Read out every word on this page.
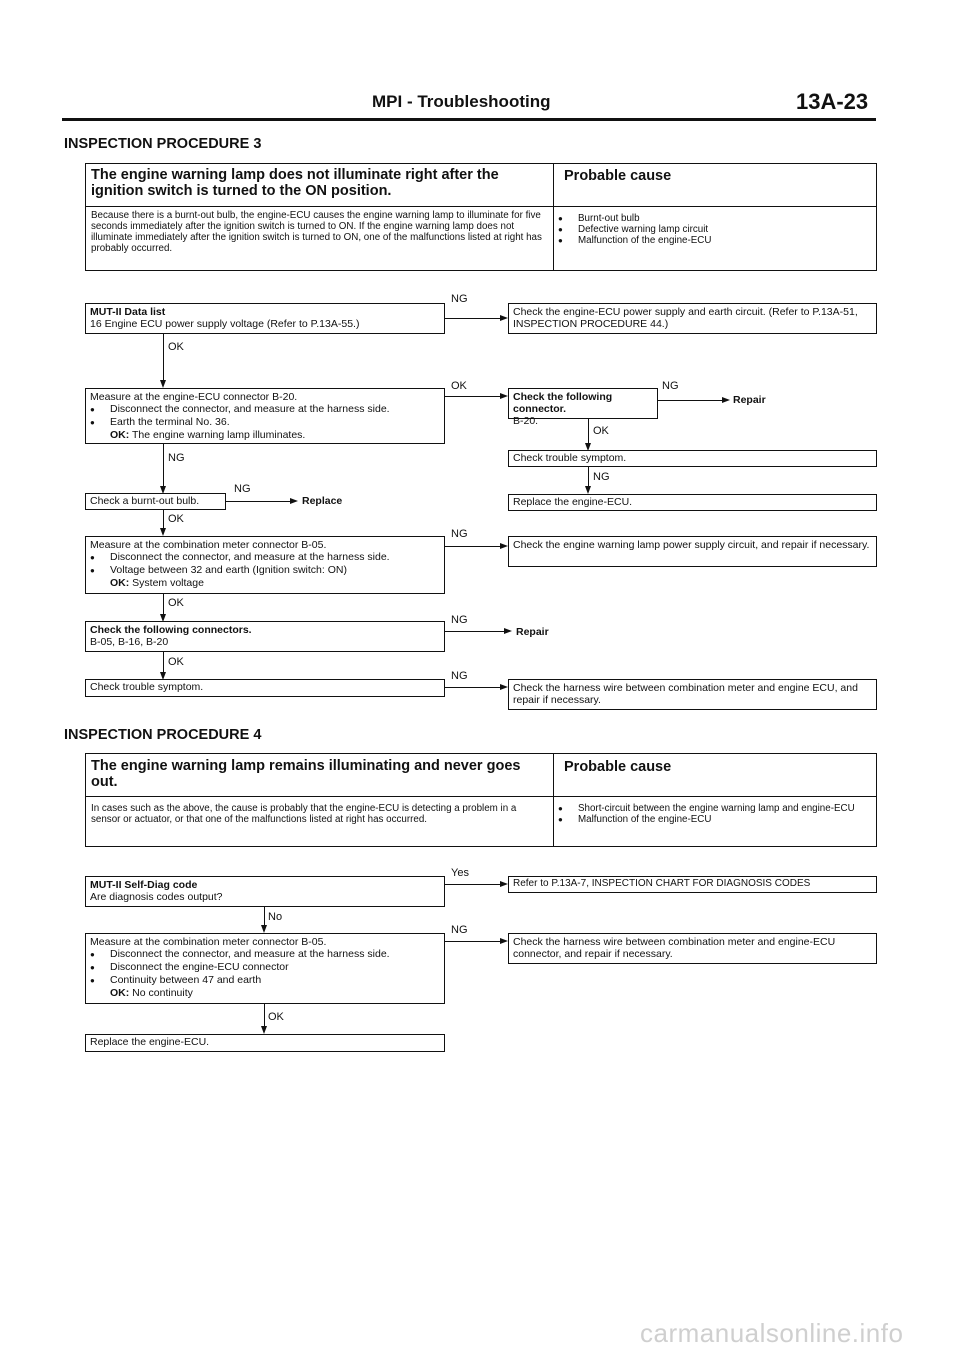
MPI - Troubleshooting	13A-23
INSPECTION PROCEDURE 3
The engine warning lamp does not illuminate right after the ignition switch is turned to the ON position.
Probable cause
Because there is a burnt-out bulb, the engine-ECU causes the engine warning lamp to illuminate for five seconds immediately after the ignition switch is turned to ON. If the engine warning lamp does not illuminate immediately after the ignition switch is turned to ON, one of the malfunctions listed at right has probably occurred.
● Burnt-out bulb
● Defective warning lamp circuit
● Malfunction of the engine-ECU
MUT-II Data list
16 Engine ECU power supply voltage (Refer to P.13A-55.)
NG
Check the engine-ECU power supply and earth circuit. (Refer to P.13A-51, INSPECTION PROCEDURE 44.)
OK
Measure at the engine-ECU connector B-20.
● Disconnect the connector, and measure at the harness side.
● Earth the terminal No. 36.
OK: The engine warning lamp illuminates.
OK
Check the following connector.
B-20.
NG
Repair
OK
Check trouble symptom.
NG
Replace the engine-ECU.
NG
Check a burnt-out bulb.
NG
Replace
OK
Measure at the combination meter connector B-05.
● Disconnect the connector, and measure at the harness side.
● Voltage between 32 and earth (Ignition switch: ON)
OK: System voltage
NG
Check the engine warning lamp power supply circuit, and repair if necessary.
OK
Check the following connectors.
B-05, B-16, B-20
NG
Repair
OK
Check trouble symptom.
NG
Check the harness wire between combination meter and engine ECU, and repair if necessary.
INSPECTION PROCEDURE 4
The engine warning lamp remains illuminating and never goes out.
Probable cause
In cases such as the above, the cause is probably that the engine-ECU is detecting a problem in a sensor or actuator, or that one of the malfunctions listed at right has occurred.
● Short-circuit between the engine warning lamp and engine-ECU
● Malfunction of the engine-ECU
MUT-II Self-Diag code
Are diagnosis codes output?
Yes
Refer to P.13A-7, INSPECTION CHART FOR DIAGNOSIS CODES
No
Measure at the combination meter connector B-05.
● Disconnect the connector, and measure at the harness side.
● Disconnect the engine-ECU connector
● Continuity between 47 and earth
OK: No continuity
NG
Check the harness wire between combination meter and engine-ECU connector, and repair if necessary.
OK
Replace the engine-ECU.
carmanualsonline.info
